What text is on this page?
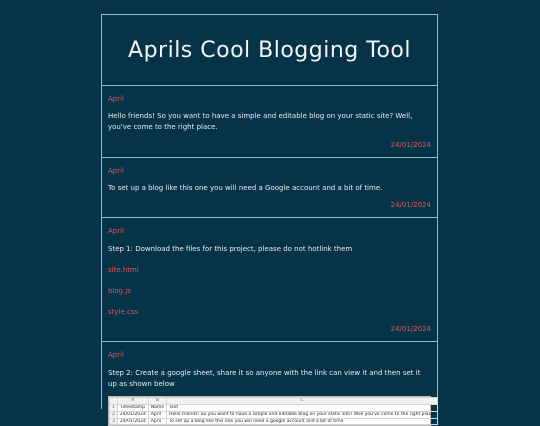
Aprils Cool Blogging Tool
April
Hello friends! So you want to have a simple and editable blog on your static site? Well, you've come to the right place.
24/01/2024
April
To set up a blog like this one you will need a Google account and a bit of time.
24/01/2024
April
Step 1: Download the files for this project, please do not hotlink them
site.html
blog.js
style.css
24/01/2024
April
Step 2: Create a google sheet, share it so anyone with the link can view it and then set it up as shown below
	A	B	C
1	Timestamp	Name	Text
2	24/01/2024	April	Hello friends! So you want to have a simple and editable blog on your static site? Well you've come to the right place.
3	24/01/2024	April	To set up a blog like this one you will need a google account and a bit of time.
